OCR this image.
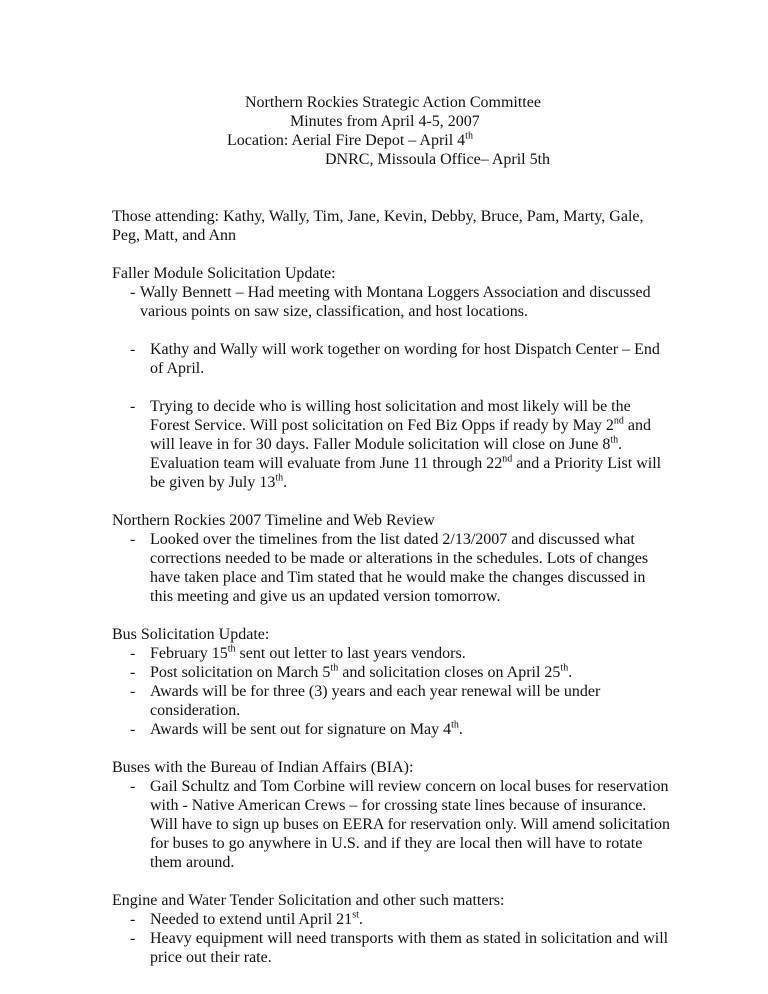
Northern Rockies Strategic Action Committee
Minutes from April 4-5, 2007
Location: Aerial Fire Depot – April 4th
DNRC, Missoula Office– April 5th

Those attending: Kathy, Wally, Tim, Jane, Kevin, Debby, Bruce, Pam, Marty, Gale, Peg, Matt, and Ann

Faller Module Solicitation Update:

- Wally Bennett – Had meeting with Montana Loggers Association and discussed various points on saw size, classification, and host locations.
- Kathy and Wally will work together on wording for host Dispatch Center – End of April.
- Trying to decide who is willing host solicitation and most likely will be the Forest Service. Will post solicitation on Fed Biz Opps if ready by May 2nd and will leave in for 30 days. Faller Module solicitation will close on June 8th. Evaluation team will evaluate from June 11 through 22nd and a Priority List will be given by July 13th.

Northern Rockies 2007 Timeline and Web Review

- Looked over the timelines from the list dated 2/13/2007 and discussed what corrections needed to be made or alterations in the schedules. Lots of changes have taken place and Tim stated that he would make the changes discussed in this meeting and give us an updated version tomorrow.

Bus Solicitation Update:

- February 15th sent out letter to last years vendors.
- Post solicitation on March 5th and solicitation closes on April 25th.
- Awards will be for three (3) years and each year renewal will be under consideration.
- Awards will be sent out for signature on May 4th.

Buses with the Bureau of Indian Affairs (BIA):

- Gail Schultz and Tom Corbine will review concern on local buses for reservation with - Native American Crews – for crossing state lines because of insurance. Will have to sign up buses on EERA for reservation only. Will amend solicitation for buses to go anywhere in U.S. and if they are local then will have to rotate them around.

Engine and Water Tender Solicitation and other such matters:

- Needed to extend until April 21st.
- Heavy equipment will need transports with them as stated in solicitation and will price out their rate.
